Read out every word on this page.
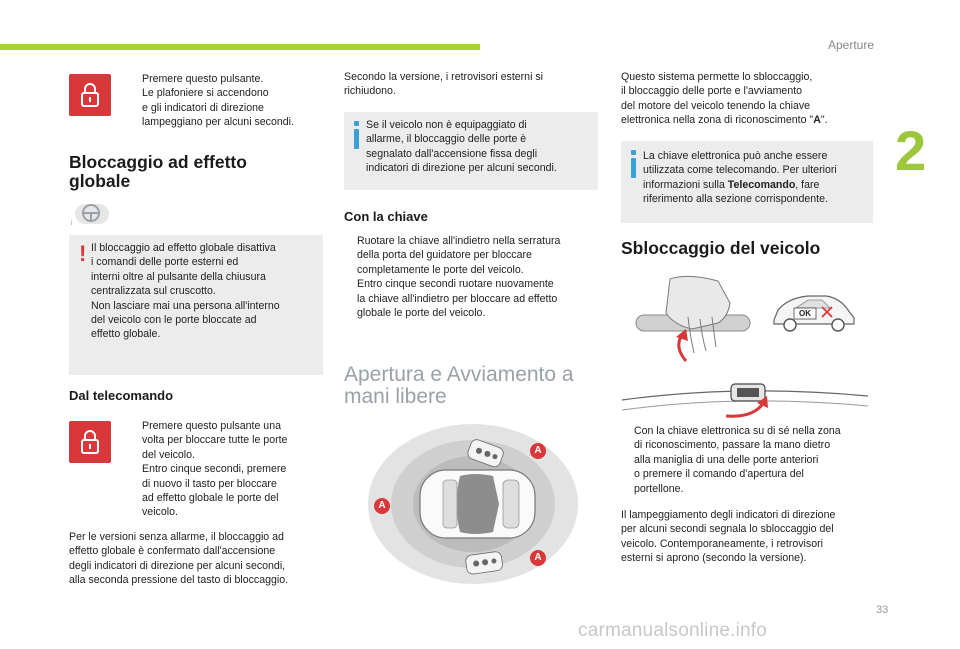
Aperture
2
Premere questo pulsante.
Le plafoniere si accendono
e gli indicatori di direzione
lampeggiano per alcuni secondi.
Bloccaggio ad effetto
globale
i
! Il bloccaggio ad effetto globale disattiva
i comandi delle porte esterni ed
interni oltre al pulsante della chiusura
centralizzata sul cruscotto.
Non lasciare mai una persona all'interno
del veicolo con le porte bloccate ad
effetto globale.

Dal telecomando
Premere questo pulsante una
volta per bloccare tutte le porte
del veicolo.
Entro cinque secondi, premere
di nuovo il tasto per bloccare
ad effetto globale le porte del
veicolo.

Per le versioni senza allarme, il bloccaggio ad
effetto globale è confermato dall'accensione
degli indicatori di direzione per alcuni secondi,
alla seconda pressione del tasto di bloccaggio.

Secondo la versione, i retrovisori esterni si
richiudono.

Se il veicolo non è equipaggiato di
allarme, il bloccaggio delle porte è
segnalato dall'accensione fissa degli
indicatori di direzione per alcuni secondi.

Con la chiave
Ruotare la chiave all'indietro nella serratura
della porta del guidatore per bloccare
completamente le porte del veicolo.
Entro cinque secondi ruotare nuovamente
la chiave all'indietro per bloccare ad effetto
globale le porte del veicolo.
Apertura e Avviamento a
mani libere
A
A
A

Questo sistema permette lo sbloccaggio,
il bloccaggio delle porte e l'avviamento
del motore del veicolo tenendo la chiave
elettronica nella zona di riconoscimento "A".

La chiave elettronica può anche essere
utilizzata come telecomando. Per ulteriori
informazioni sulla Telecomando, fare
riferimento alla sezione corrispondente.

Sbloccaggio del veicolo
OK
Con la chiave elettronica su di sé nella zona
di riconoscimento, passare la mano dietro
alla maniglia di una delle porte anteriori
o premere il comando d'apertura del
portellone.

Il lampeggiamento degli indicatori di direzione
per alcuni secondi segnala lo sbloccaggio del
veicolo. Contemporaneamente, i retrovisori
esterni si aprono (secondo la versione).

33
carmanualsonline.info
